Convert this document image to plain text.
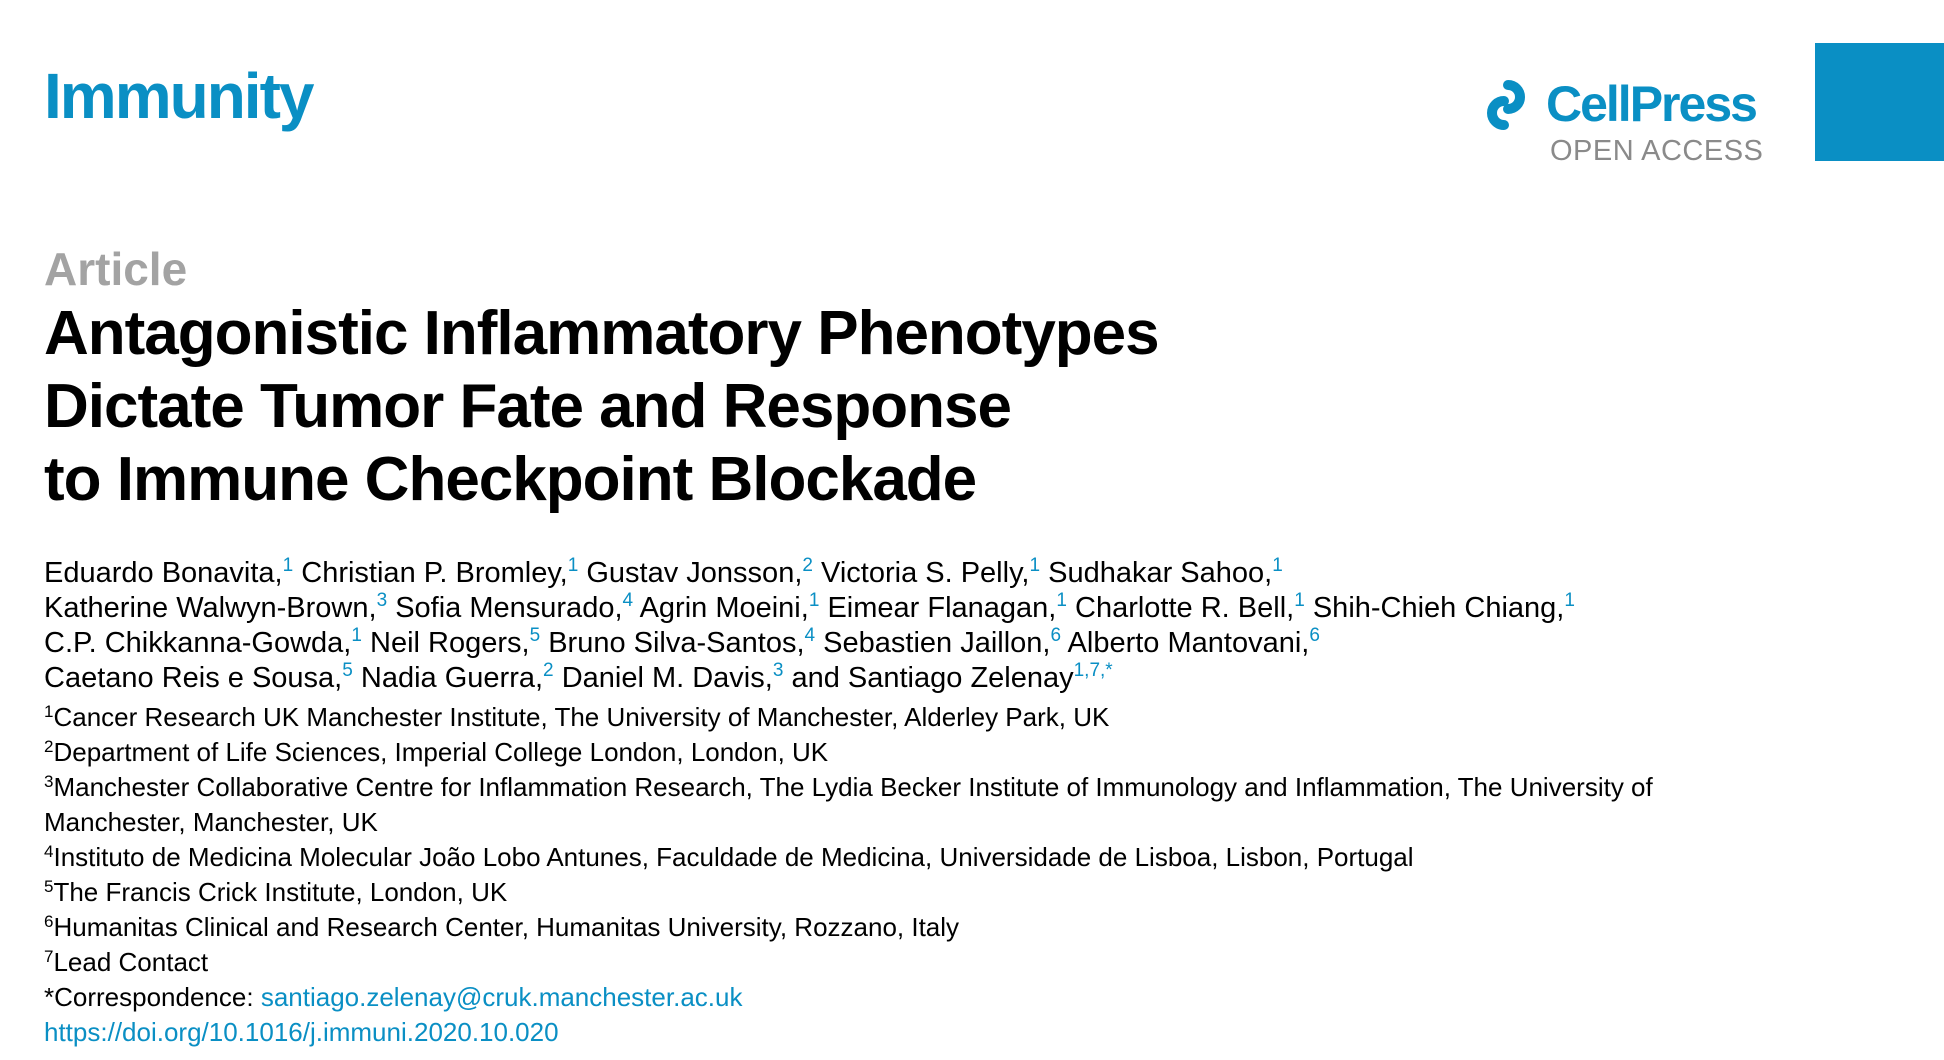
Immunity	CellPress
OPEN ACCESS
Article
Antagonistic Inflammatory Phenotypes
Dictate Tumor Fate and Response
to Immune Checkpoint Blockade
Eduardo Bonavita,$^1$ Christian P. Bromley,$^1$ Gustav Jonsson,$^2$ Victoria S. Pelly,$^1$ Sudhakar Sahoo,$^1$
Katherine Walwyn-Brown,$^3$ Sofia Mensurado,$^4$ Agrin Moeini,$^1$ Eimear Flanagan,$^1$ Charlotte R. Bell,$^1$ Shih-Chieh Chiang,$^1$
C.P. Chikkanna-Gowda,$^1$ Neil Rogers,$^5$ Bruno Silva-Santos,$^4$ Sebastien Jaillon,$^6$ Alberto Mantovani,$^6$
Caetano Reis e Sousa,$^5$ Nadia Guerra,$^2$ Daniel M. Davis,$^3$ and Santiago Zelenay$^{1,7,*}$
$^1$Cancer Research UK Manchester Institute, The University of Manchester, Alderley Park, UK
$^2$Department of Life Sciences, Imperial College London, London, UK
$^3$Manchester Collaborative Centre for Inflammation Research, The Lydia Becker Institute of Immunology and Inflammation, The University of
Manchester, Manchester, UK
$^4$Instituto de Medicina Molecular João Lobo Antunes, Faculdade de Medicina, Universidade de Lisboa, Lisbon, Portugal
$^5$The Francis Crick Institute, London, UK
$^6$Humanitas Clinical and Research Center, Humanitas University, Rozzano, Italy
$^7$Lead Contact
*Correspondence: santiago.zelenay@cruk.manchester.ac.uk
https://doi.org/10.1016/j.immuni.2020.10.020
